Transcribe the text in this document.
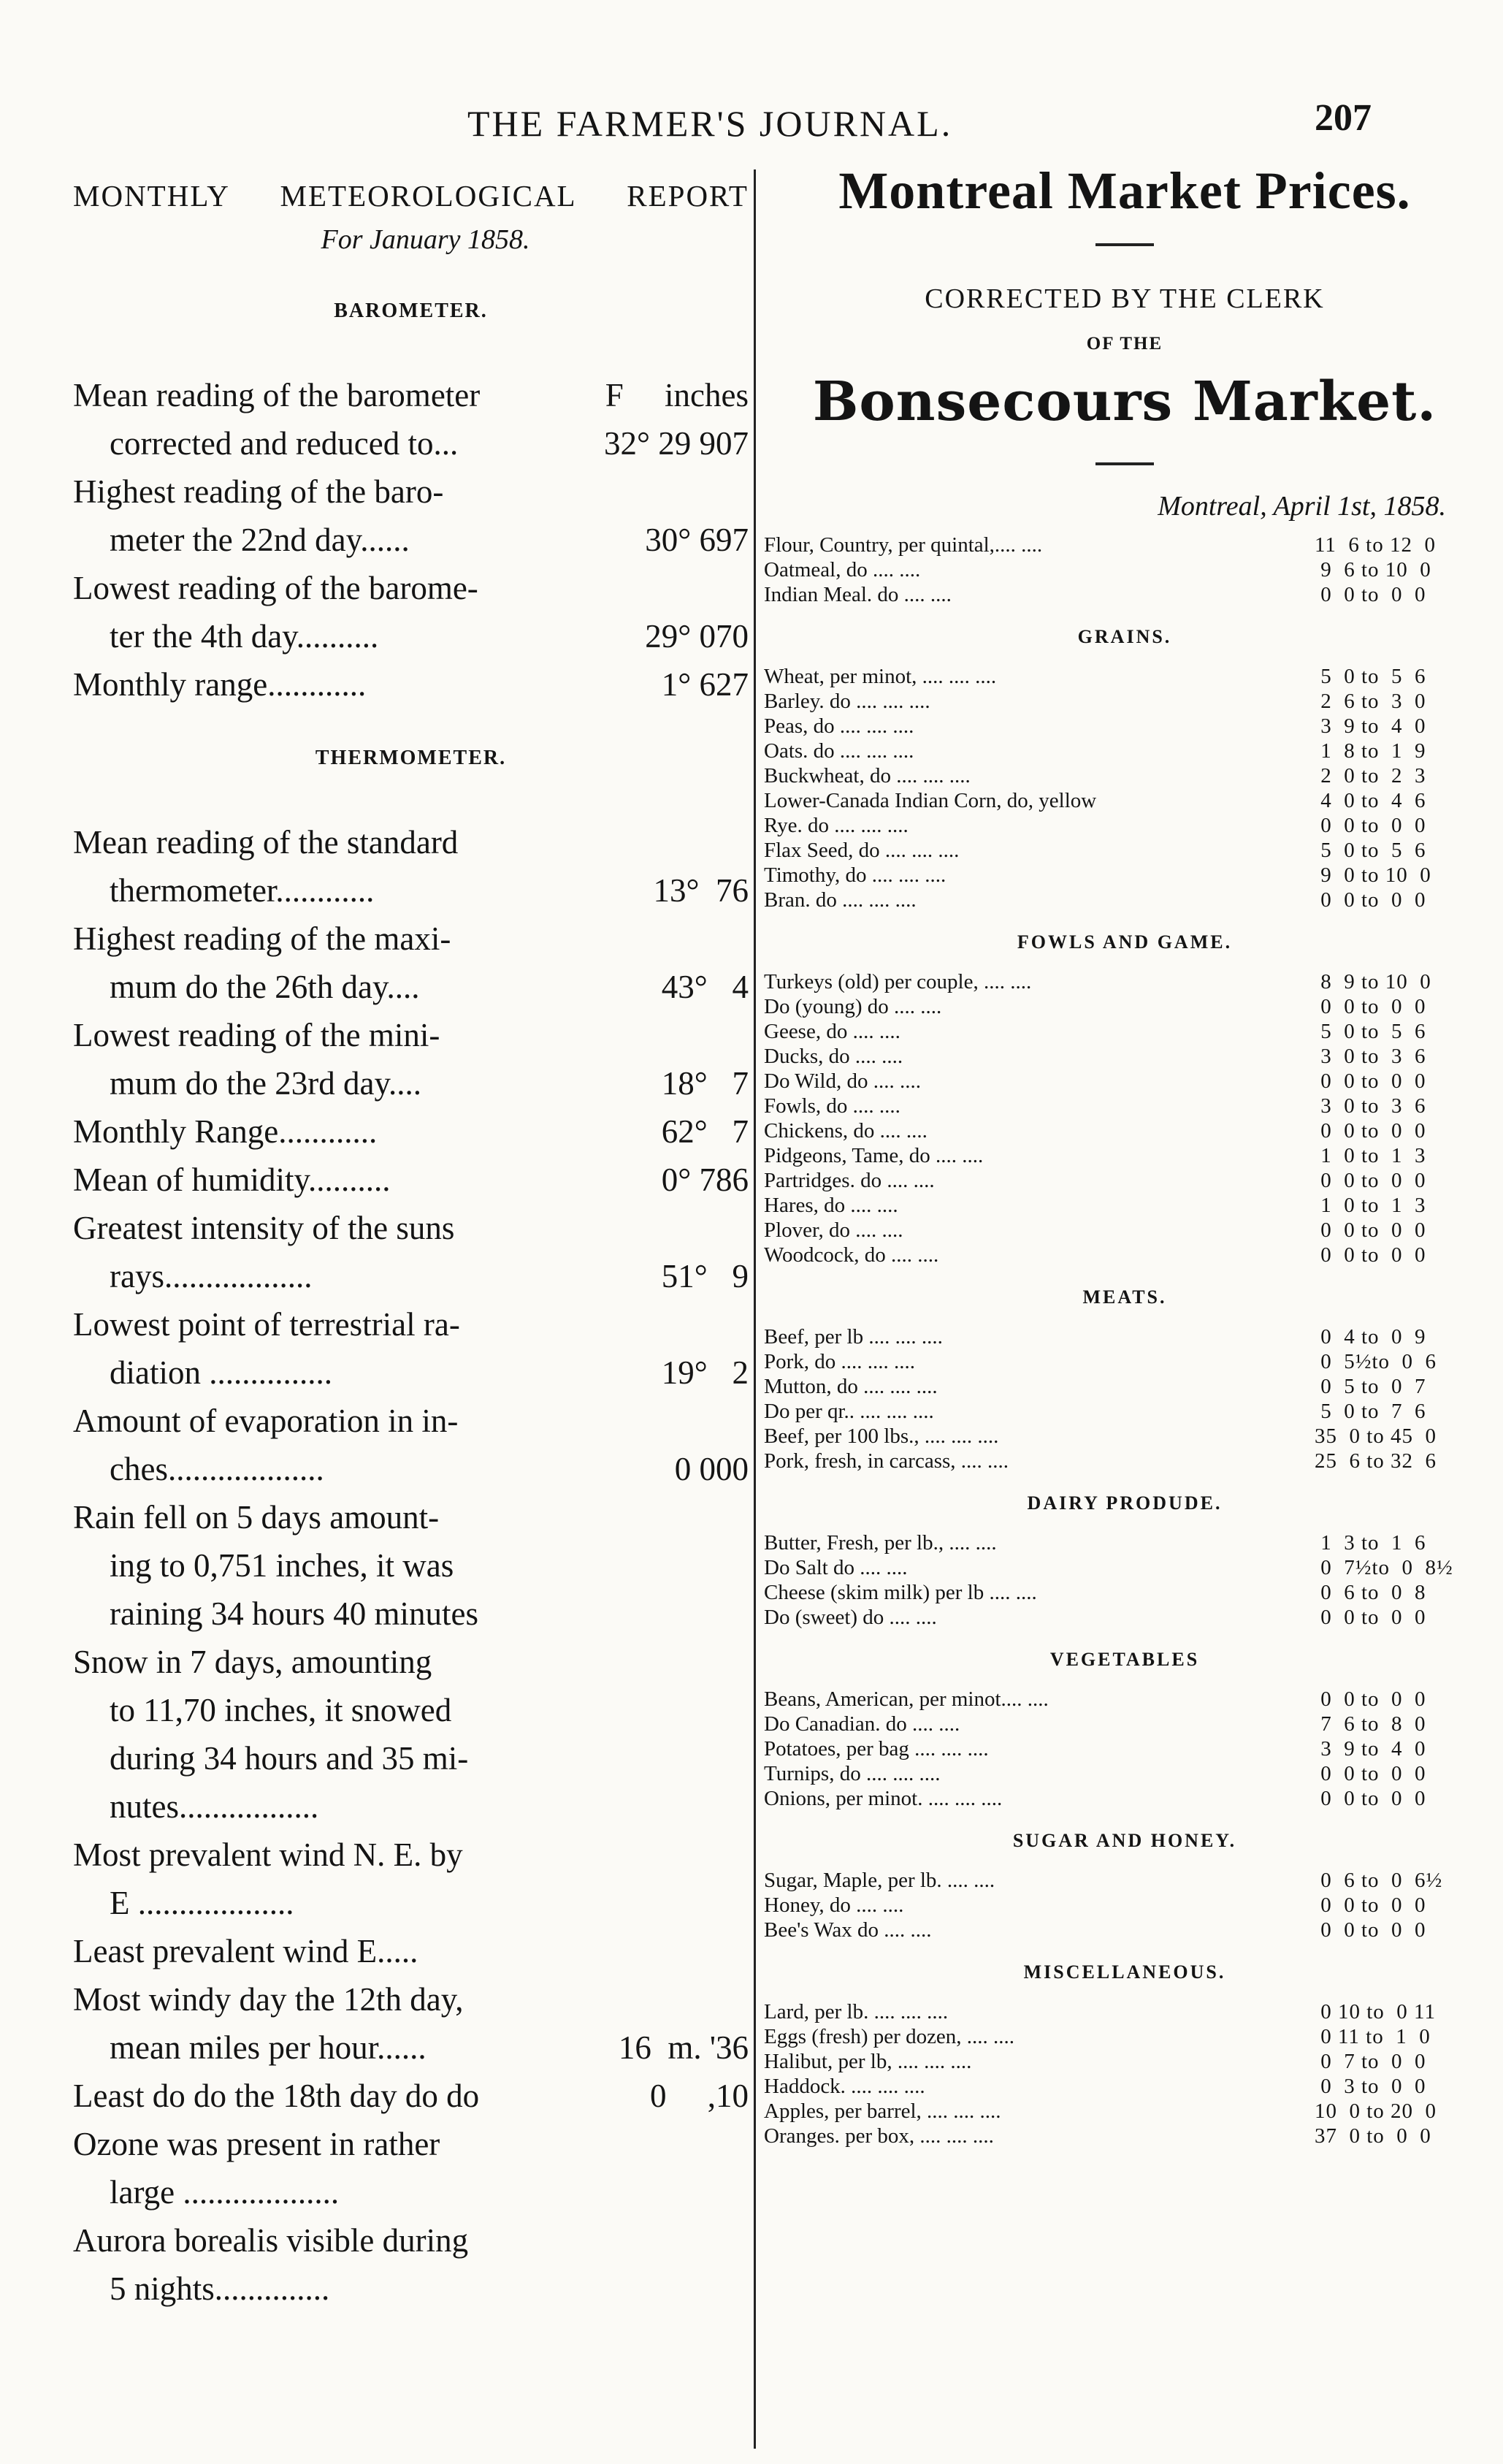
THE FARMER'S JOURNAL.	207
MONTHLY METEOROLOGICAL REPORT
For January 1858.
BAROMETER.
Mean reading of the barometer	F     inches
corrected and reduced to...	32° 29 907
Highest reading of the baro-
meter the 22nd day......	30° 697
Lowest reading of the barome-
ter the 4th day..........	29° 070
Monthly range............	1° 627
THERMOMETER.
Mean reading of the standard
thermometer............	13°  76
Highest reading of the maxi-
mum do the 26th day....	43°   4
Lowest reading of the mini-
mum do the 23rd day....	18°   7
Monthly Range............	62°   7
Mean of humidity..........	0° 786
Greatest intensity of the suns
rays..................	51°   9
Lowest point of terrestrial ra-
diation ...............	19°   2
Amount of evaporation in in-
ches...................	0 000
Rain fell on 5 days amount-
ing to 0,751 inches, it was
raining 34 hours 40 minutes
Snow in 7 days, amounting
to 11,70 inches, it snowed
during 34 hours and 35 mi-
nutes.................
Most prevalent wind N. E. by
E ...................
Least prevalent wind E.....
Most windy day the 12th day,
mean miles per hour......	16  m. '36
Least do do the 18th day do do	0     ,10
Ozone was present in rather
large ...................
Aurora borealis visible during
5 nights..............
Montreal Market Prices.
CORRECTED BY THE CLERK
OF THE
Bonsecours Market.
Montreal, April 1st, 1858.
Flour, Country, per quintal,.... ....	11  6 to 12  0
Oatmeal, do .... ....	9  6 to 10  0
Indian Meal. do .... ....	0  0 to  0  0
GRAINS.
Wheat, per minot, .... .... ....	5  0 to  5  6
Barley. do .... .... ....	2  6 to  3  0
Peas, do .... .... ....	3  9 to  4  0
Oats. do .... .... ....	1  8 to  1  9
Buckwheat, do .... .... ....	2  0 to  2  3
Lower-Canada Indian Corn, do, yellow	4  0 to  4  6
Rye. do .... .... ....	0  0 to  0  0
Flax Seed, do .... .... ....	5  0 to  5  6
Timothy, do .... .... ....	9  0 to 10  0
Bran. do .... .... ....	0  0 to  0  0
FOWLS AND GAME.
Turkeys (old) per couple, .... ....	8  9 to 10  0
Do (young) do .... ....	0  0 to  0  0
Geese, do .... ....	5  0 to  5  6
Ducks, do .... ....	3  0 to  3  6
Do Wild, do .... ....	0  0 to  0  0
Fowls, do .... ....	3  0 to  3  6
Chickens, do .... ....	0  0 to  0  0
Pidgeons, Tame, do .... ....	1  0 to  1  3
Partridges. do .... ....	0  0 to  0  0
Hares, do .... ....	1  0 to  1  3
Plover, do .... ....	0  0 to  0  0
Woodcock, do .... ....	0  0 to  0  0
MEATS.
Beef, per lb .... .... ....	0  4 to  0  9
Pork, do .... .... ....	0  5½to  0  6
Mutton, do .... .... ....	0  5 to  0  7
Do per qr.. .... .... ....	5  0 to  7  6
Beef, per 100 lbs., .... .... ....	35  0 to 45  0
Pork, fresh, in carcass, .... ....	25  6 to 32  6
DAIRY PRODUDE.
Butter, Fresh, per lb., .... ....	1  3 to  1  6
Do Salt do .... ....	0  7½to  0  8½
Cheese (skim milk) per lb .... ....	0  6 to  0  8
Do (sweet) do .... ....	0  0 to  0  0
VEGETABLES
Beans, American, per minot.... ....	0  0 to  0  0
Do Canadian. do .... ....	7  6 to  8  0
Potatoes, per bag .... .... ....	3  9 to  4  0
Turnips, do .... .... ....	0  0 to  0  0
Onions, per minot. .... .... ....	0  0 to  0  0
SUGAR AND HONEY.
Sugar, Maple, per lb. .... ....	0  6 to  0  6½
Honey, do .... ....	0  0 to  0  0
Bee's Wax do .... ....	0  0 to  0  0
MISCELLANEOUS.
Lard, per lb. .... .... ....	0 10 to  0 11
Eggs (fresh) per dozen, .... ....	0 11 to  1  0
Halibut, per lb, .... .... ....	0  7 to  0  0
Haddock. .... .... ....	0  3 to  0  0
Apples, per barrel, .... .... ....	10  0 to 20  0
Oranges. per box, .... .... ....	37  0 to  0  0
